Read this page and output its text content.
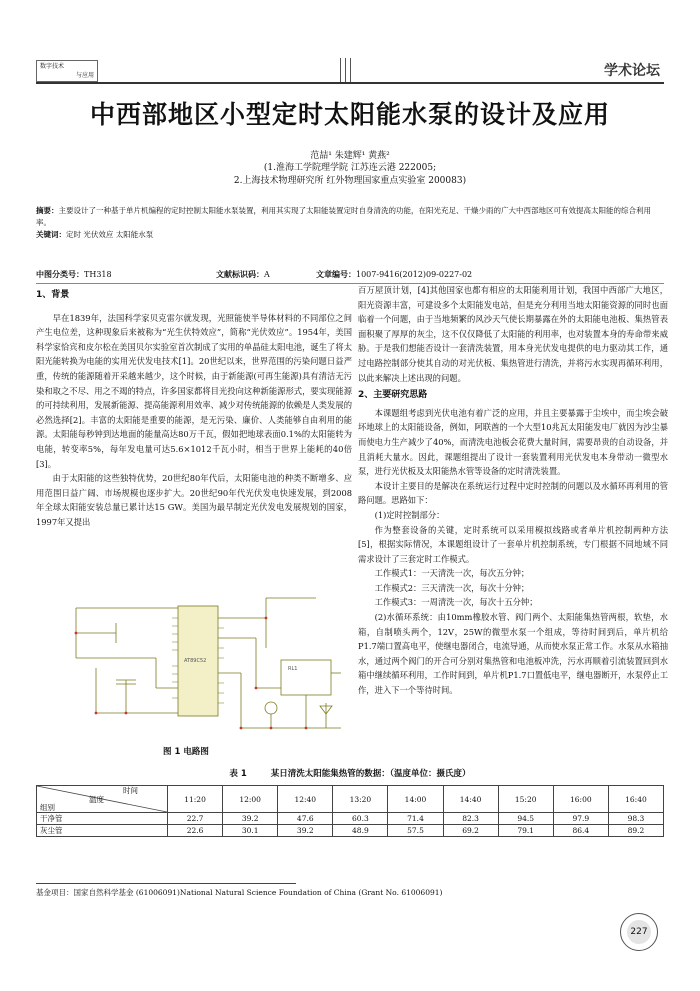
数字技术
与应用	学术论坛
中西部地区小型定时太阳能水泵的设计及应用
范喆¹ 朱建辉¹ 黄燕²
(1.淮海工学院理学院 江苏连云港 222005;
2.上海技术物理研究所 红外物理国家重点实验室 200083)
摘要：主要设计了一种基于单片机编程的定时控制太阳能水泵装置，利用其实现了太阳能装置定时自身清洗的功能，在阳光充足、干燥少雨的广大中西部地区可有效提高太阳能的综合利用率。
关键词：定时 光伏效应 太阳能水泵
中图分类号：TH318	文献标识码：A	文章编号：1007-9416(2012)09-0227-02
1、背景

早在1839年，法国科学家贝克雷尔就发现，光照能使半导体材料的不同部位之间产生电位差，这种现象后来被称为“光生伏特效应”，简称“光伏效应”。1954年，美国科学家恰宾和皮尔松在美国贝尔实验室首次制成了实用的单晶硅太阳电池，诞生了将太阳光能转换为电能的实用光伏发电技术[1]。20世纪以来，世界范围的污染问题日益严重，传统的能源随着开采越来越少，这个时候，由于新能源(可再生能源)具有清洁无污染和取之不尽、用之不竭的特点，许多国家都将目光投向这种新能源形式，要实现能源的可持续利用，发展新能源、提高能源利用效率、减少对传统能源的依赖是人类发展的必然选择[2]。丰富的太阳能是重要的能源，是无污染、廉价、人类能够自由利用的能源。太阳能每秒钟到达地面的能量高达80万千瓦，假如把地球表面0.1%的太阳能转为电能，转变率5%，每年发电量可达5.6×1012千瓦小时，相当于世界上能耗的40倍[3]。

由于太阳能的这些独特优势，20世纪80年代后，太阳能电池的种类不断增多、应用范围日益广阔、市场规模也逐步扩大。20世纪90年代光伏发电快速发展，到2008 年全球太阳能安装总量已累计达15 GW。美国为最早制定光伏发电发展规划的国家，1997年又提出

AT89C52
RL1
图 1 电路图

百万屋顶计划，[4]其他国家也都有相应的太阳能利用计划，我国中西部广大地区，阳光资源丰富，可建设多个太阳能发电站，但是充分利用当地太阳能资源的同时也面临着一个问题，由于当地频繁的风沙天气使长期暴露在外的太阳能电池板、集热管表面积聚了厚厚的灰尘，这不仅仅降低了太阳能的利用率，也对装置本身的寿命带来威胁。于是我们想能否设计一套清洗装置，用本身光伏发电提供的电力驱动其工作，通过电路控制部分使其自动的对光伏板、集热管进行清洗，并将污水实现再循环利用，以此来解决上述出现的问题。

2、主要研究思路

本课题组考虑到光伏电池有着广泛的应用，并且主要暴露于尘埃中，而尘埃会破坏地球上的太阳能设备，例如，阿联酋的一个大型10兆瓦太阳能发电厂就因为沙尘暴而使电力生产减少了40%，而清洗电池板会花费大量时间，需要昂贵的自动设备，并且消耗大量水。因此，课题组提出了设计一套装置利用光伏发电本身带动一微型水泵，进行光伏板及太阳能热水管等设备的定时清洗装置。

本设计主要目的是解决在系统运行过程中定时控制的问题以及水循环再利用的管路问题。思路如下：

(1)定时控制部分：

作为整套设备的关键，定时系统可以采用模拟线路或者单片机控制两种方法[5]，根据实际情况，本课题组设计了一套单片机控制系统，专门根据不同地域不同需求设计了三套定时工作模式。

工作模式1：一天清洗一次，每次五分钟；

工作模式2：三天清洗一次，每次十分钟；

工作模式3：一周清洗一次，每次十五分钟；

(2)水循环系统：由10mm橡胶水管、阀门两个、太阳能集热管两根，软垫，水箱，自制喷头两个，12V，25W的微型水泵一个组成，等待时间到后，单片机给P1.7端口置高电平，使继电器闭合，电流导通，从而使水泵正常工作。水泵从水箱抽水，通过两个阀门的开合可分别对集热管和电池板冲洗，污水再顺着引流装置回到水箱中继续循环利用，工作时间到，单片机P1.7口置低电平，继电器断开，水泵停止工作，进入下一个等待时间。

表 1	某日清洗太阳能集热管的数据：（温度单位：摄氏度）
时间
温度
组别	11:20	12:00	12:40	13:20	14:00	14:40	15:20	16:00	16:40
干净管	22.7	39.2	47.6	60.3	71.4	82.3	94.5	97.9	98.3
灰尘管	22.6	30.1	39.2	48.9	57.5	69.2	79.1	86.4	89.2
基金项目：国家自然科学基金 (61006091)National Natural Science Foundation of China (Grant No. 61006091)
227
